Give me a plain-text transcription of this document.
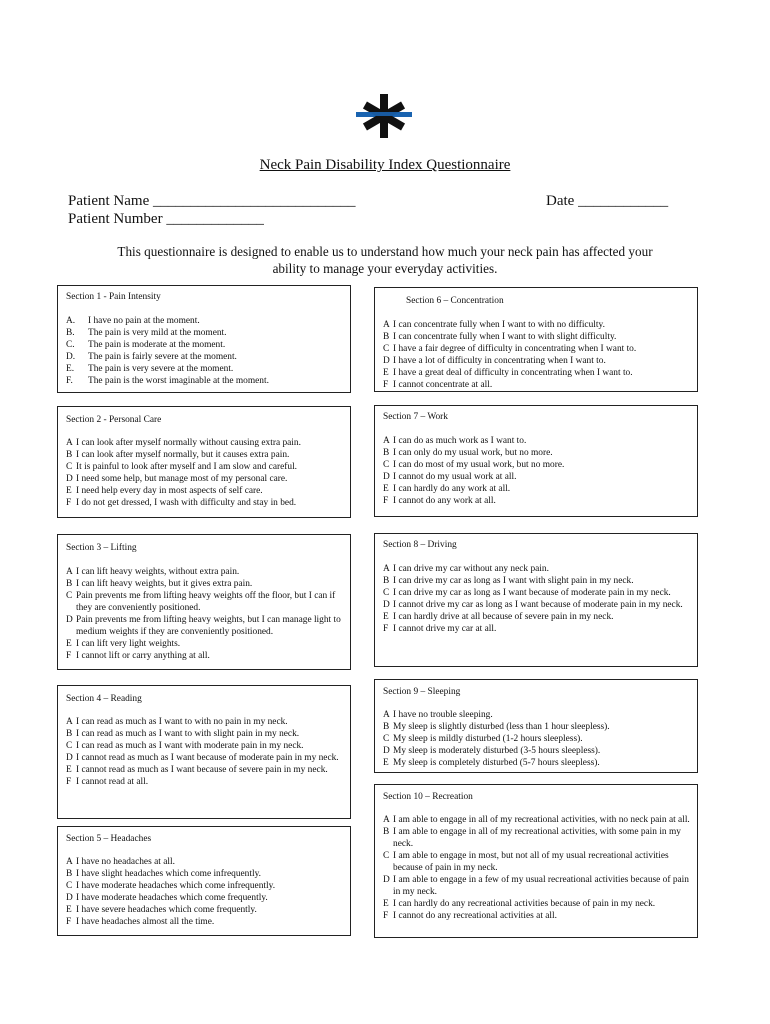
Neck Pain Disability Index Questionnaire
Patient Name ___________________________	Date ____________
Patient Number _____________
This questionnaire is designed to enable us to understand how much your neck pain has affected your ability to manage your everyday activities.
Section 1 - Pain Intensity
A.	I have no pain at the moment.
B.	The pain is very mild at the moment.
C.	The pain is moderate at the moment.
D.	The pain is fairly severe at the moment.
E.	The pain is very severe at the moment.
F.	The pain is the worst imaginable at the moment.
Section 2 - Personal Care
A I can look after myself normally without causing extra pain.
B I can look after myself normally, but it causes extra pain.
C It is painful to look after myself and I am slow and careful.
D I need some help, but manage most of my personal care.
E I need help every day in most aspects of self care.
F I do not get dressed, I wash with difficulty and stay in bed.
Section 3 – Lifting
A I can lift heavy weights, without extra pain.
B I can lift heavy weights, but it gives extra pain.
C Pain prevents me from lifting heavy weights off the floor, but I can if they are conveniently positioned.
D Pain prevents me from lifting heavy weights, but I can manage light to medium weights if they are conveniently positioned.
E I can lift very light weights.
F I cannot lift or carry anything at all.
Section 4 – Reading
A I can read as much as I want to with no pain in my neck.
B I can read as much as I want to with slight pain in my neck.
C I can read as much as I want with moderate pain in my neck.
D I cannot read as much as I want because of moderate pain in my neck.
E I cannot read as much as I want because of severe pain in my neck.
F I cannot read at all.
Section 5 – Headaches
A I have no headaches at all.
B I have slight headaches which come infrequently.
C I have moderate headaches which come infrequently.
D I have moderate headaches which come frequently.
E I have severe headaches which come frequently.
F I have headaches almost all the time.
Section 6 – Concentration
A I can concentrate fully when I want to with no difficulty.
B I can concentrate fully when I want to with slight difficulty.
C I have a fair degree of difficulty in concentrating when I want to.
D I have a lot of difficulty in concentrating when I want to.
E I have a great deal of difficulty in concentrating when I want to.
F I cannot concentrate at all.
Section 7 – Work
A I can do as much work as I want to.
B I can only do my usual work, but no more.
C I can do most of my usual work, but no more.
D I cannot do my usual work at all.
E I can hardly do any work at all.
F I cannot do any work at all.
Section 8 – Driving
A I can drive my car without any neck pain.
B I can drive my car as long as I want with slight pain in my neck.
C I can drive my car as long as I want because of moderate pain in my neck.
D I cannot drive my car as long as I want because of moderate pain in my neck.
E I can hardly drive at all because of severe pain in my neck.
F I cannot drive my car at all.
Section 9 – Sleeping
A I have no trouble sleeping.
B My sleep is slightly disturbed (less than 1 hour sleepless).
C My sleep is mildly disturbed (1-2 hours sleepless).
D My sleep is moderately disturbed (3-5 hours sleepless).
E My sleep is completely disturbed (5-7 hours sleepless).
Section 10 – Recreation
A I am able to engage in all of my recreational activities, with no neck pain at all.
B I am able to engage in all of my recreational activities, with some pain in my neck.
C I am able to engage in most, but not all of my usual recreational activities because of pain in my neck.
D I am able to engage in a few of my usual recreational activities because of pain in my neck.
E I can hardly do any recreational activities because of pain in my neck.
F I cannot do any recreational activities at all.
